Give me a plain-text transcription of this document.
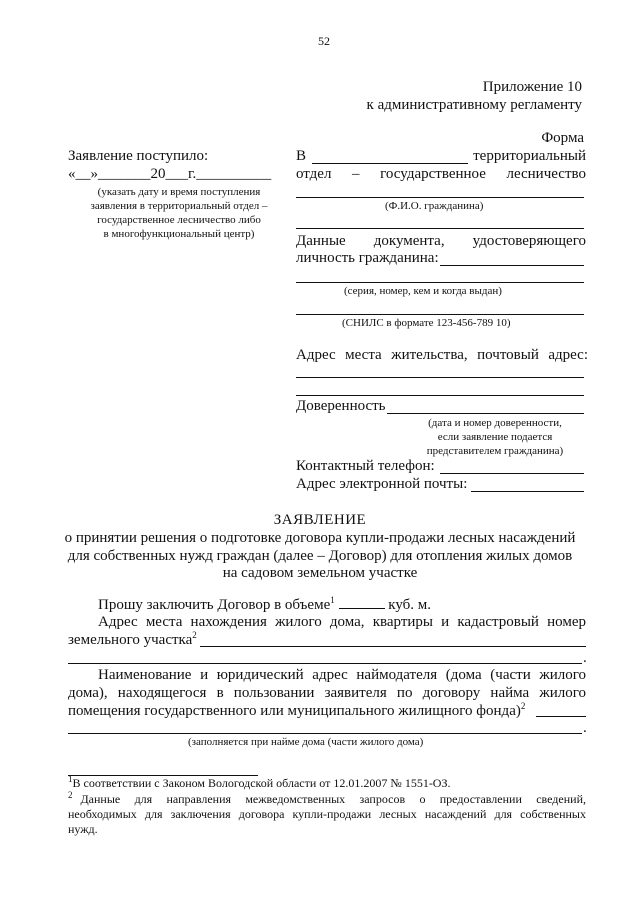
52
Приложение 10
к административному регламенту
Форма
Заявление поступило:
«__»_______20___г.__________
(указать дату и время поступления
заявления в территориальный отдел –
государственное лесничество либо
в многофункциональный центр)
В	территориальный
отдел – государственное лесничество
(Ф.И.О. гражданина)
Данные документа, удостоверяющего
личность гражданина:
(серия, номер, кем и когда выдан)
(СНИЛС в формате 123-456-789 10)
Адрес места жительства, почтовый адрес:
Доверенность
(дата и номер доверенности,
если заявление подается
представителем гражданина)
Контактный телефон:
Адрес электронной почты:
ЗАЯВЛЕНИЕ
о принятии решения о подготовке договора купли-продажи лесных насаждений
для собственных нужд граждан (далее – Договор) для отопления жилых домов
на садовом земельном участке
Прошу заключить Договор в объеме$^1$	куб. м.
Адрес места нахождения жилого дома, квартиры и кадастровый номер
земельного участка$^2$
.
Наименование и юридический адрес наймодателя (дома (части жилого
дома), находящегося в пользовании заявителя по договору найма жилого
помещения государственного или муниципального жилищного фонда)$^2$
.
(заполняется при найме дома (части жилого дома)
$^1$В соответствии с Законом Вологодской области от 12.01.2007 № 1551-ОЗ.
$^2$ Данные для направления межведомственных запросов о предоставлении сведений,
необходимых для заключения договора купли-продажи лесных насаждений для собственных
нужд.
